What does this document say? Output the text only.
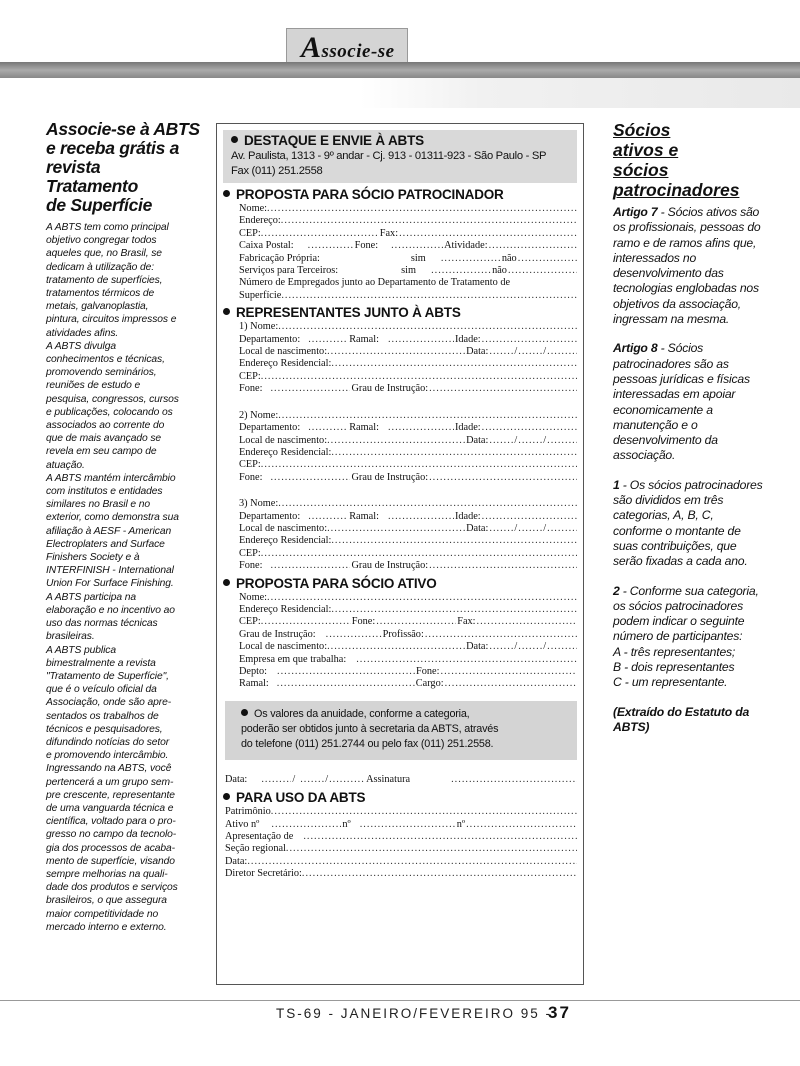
Associe-se
Associe-se à ABTS
e receba grátis a
revista
Tratamento
de Superfície
A ABTS tem como principal
objetivo congregar todos
aqueles que, no Brasil, se
dedicam à utilização de:
tratamento de superfícies,
tratamentos térmicos de
metais, galvanoplastia,
pintura, circuitos impressos e
atividades afins.
A ABTS divulga
conhecimentos e técnicas,
promovendo seminários,
reuniões de estudo e
pesquisa, congressos, cursos
e publicações, colocando os
associados ao corrente do
que de mais avançado se
revela em seu campo de
atuação.
A ABTS mantém intercâmbio
com institutos e entidades
similares no Brasil e no
exterior, como demonstra sua
afiliação à AESF - American
Electroplaters and Surface
Finishers Society e à
INTERFINISH - International
Union For Surface Finishing.
A ABTS participa na
elaboração e no incentivo ao
uso das normas técnicas
brasileiras.
A ABTS publica
bimestralmente a revista
"Tratamento de Superfície",
que é o veículo oficial da
Associação, onde são apre-
sentados os trabalhos de
técnicos e pesquisadores,
difundindo notícias do setor
e promovendo intercâmbio.
Ingressando na ABTS, você
pertencerá a um grupo sem-
pre crescente, representante
de uma vanguarda técnica e
científica, voltado para o pro-
gresso no campo da tecnolo-
gia dos processos de acaba-
mento de superfície, visando
sempre melhorias na quali-
dade dos produtos e serviços
brasileiros, o que assegura
maior competitividade no
mercado interno e externo.
DESTAQUE E ENVIE À ABTS
Av. Paulista, 1313 - 9º andar - Cj. 913 - 01311-923 - São Paulo - SP
Fax (011) 251.2558
PROPOSTA PARA SÓCIO PATROCINADOR
Nome:
.....
Endereço:
.....
CEP: .....	Fax:
.....
Caixa Postal: .....	Fone: .....	Atividade:
.....
Fabricação Própria:	sim .....	não
.....
Serviços para Terceiros:	sim .....	não
.....
Número de Empregados junto ao Departamento de Tratamento de
Superfície
.....
REPRESENTANTES JUNTO À ABTS
1) Nome:
.....
Departamento: .....	Ramal: .....	Idade:
.....
Local de nascimento: .....	Data: .....	/ .....	/
.....
Endereço Residencial:
.....
CEP:
.....
Fone: .....	Grau de Instrução:
.....
2) Nome:
.....
Departamento: .....	Ramal: .....	Idade:
.....
Local de nascimento: .....	Data: .....	/ .....	/
.....
Endereço Residencial:
.....
CEP:
.....
Fone: .....	Grau de Instrução:
.....
3) Nome:
.....
Departamento: .....	Ramal: .....	Idade:
.....
Local de nascimento: .....	Data: .....	/ .....	/
.....
Endereço Residencial:
.....
CEP:
.....
Fone: .....	Grau de Instrução:
.....
PROPOSTA PARA SÓCIO ATIVO
Nome:
.....
Endereço Residencial:
.....
CEP: .....	Fone: .....	Fax:
.....
Grau de Instrução: .....	Profissão:
.....
Local de nascimento: .....	Data: .....	/ .....	/
.....
Empresa em que trabalha:
.....
Depto: .....	Fone:
.....
Ramal: .....	Cargo:
.....
Os valores da anuidade, conforme a categoria,
poderão ser obtidos junto à secretaria da ABTS, através
do telefone (011) 251.2744 ou pelo fax (011) 251.2558.
Data: .....	/ .....	/ .....	Assinatura
.....
PARA USO DA ABTS
Patrimônio
.....
Ativo nº .....	nº .....	nº
.....
Apresentação de
.....
Seção regional
.....
Data:
.....
Diretor Secretário:
.....
Sócios
ativos e
sócios
patrocinadores

Artigo 7 - Sócios ativos são os profissionais, pessoas do ramo e de ramos afins que, interessados no desenvolvimento das tecnologias englobadas nos objetivos da associação, ingressam na mesma.

Artigo 8 - Sócios patrocinadores são as pessoas jurídicas e físicas interessadas em apoiar economicamente a manutenção e o desenvolvimento da associação.

1 - Os sócios patrocinadores são divididos em três categorias, A, B, C, conforme o montante de suas contribuições, que serão fixadas a cada ano.

2 - Conforme sua categoria, os sócios patrocinadores podem indicar o seguinte número de participantes:

A - três representantes;
B - dois representantes
C - um representante.

(Extraído do Estatuto da ABTS)

TS-69 - JANEIRO/FEVEREIRO 95 -
37
